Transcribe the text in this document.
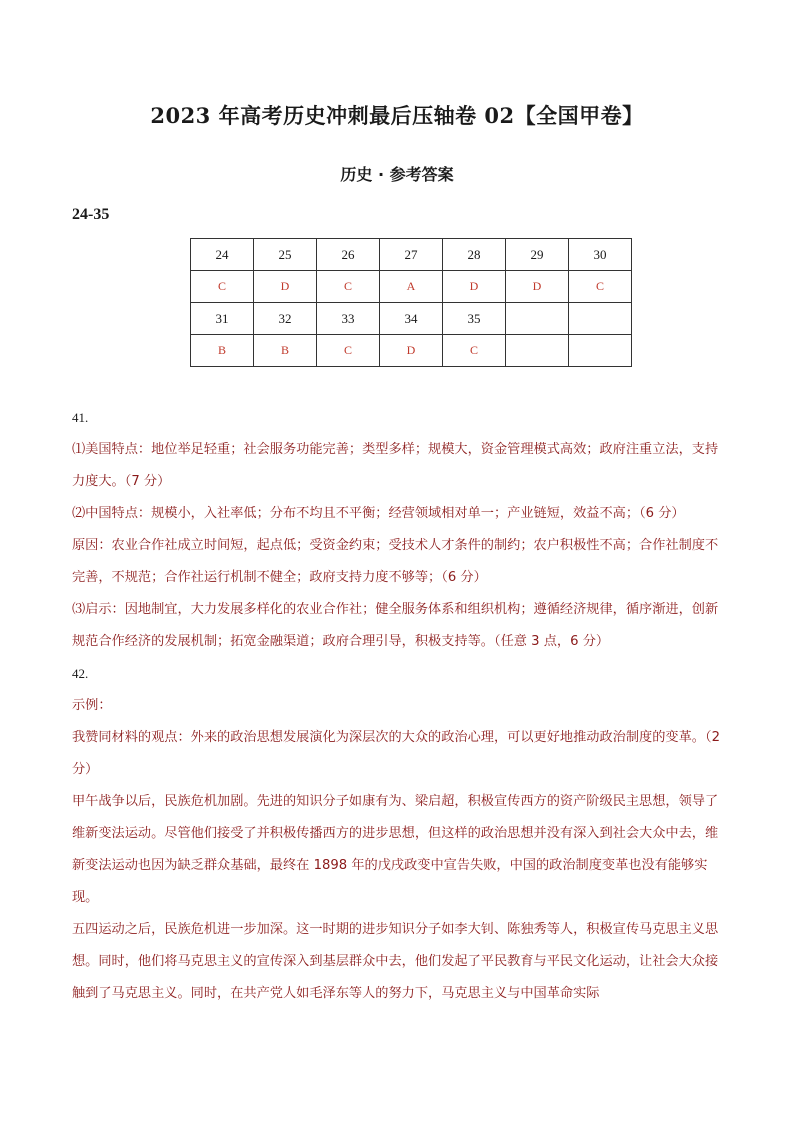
2023 年高考历史冲刺最后压轴卷 02【全国甲卷】
历史 · 参考答案
24-35
24	25	26	27	28	29	30
C	D	C	A	D	D	C
31	32	33	34	35		
B	B	C	D	C		

41.

⑴美国特点：地位举足轻重；社会服务功能完善；类型多样；规模大，资金管理模式高效；政府注重立法，支持力度大。（7 分）

⑵中国特点：规模小，入社率低；分布不均且不平衡；经营领域相对单一；产业链短，效益不高；（6 分）

原因：农业合作社成立时间短，起点低；受资金约束；受技术人才条件的制约；农户积极性不高；合作社制度不完善，不规范；合作社运行机制不健全；政府支持力度不够等；（6 分）

⑶启示：因地制宜，大力发展多样化的农业合作社；健全服务体系和组织机构；遵循经济规律，循序渐进，创新规范合作经济的发展机制；拓宽金融渠道；政府合理引导，积极支持等。（任意 3 点，6 分）

42.

示例：

我赞同材料的观点：外来的政治思想发展演化为深层次的大众的政治心理，可以更好地推动政治制度的变革。（2 分）

甲午战争以后，民族危机加剧。先进的知识分子如康有为、梁启超，积极宣传西方的资产阶级民主思想，领导了维新变法运动。尽管他们接受了并积极传播西方的进步思想，但这样的政治思想并没有深入到社会大众中去，维新变法运动也因为缺乏群众基础，最终在 1898 年的戊戌政变中宣告失败，中国的政治制度变革也没有能够实现。

五四运动之后，民族危机进一步加深。这一时期的进步知识分子如李大钊、陈独秀等人，积极宣传马克思主义思想。同时，他们将马克思主义的宣传深入到基层群众中去，他们发起了平民教育与平民文化运动，让社会大众接触到了马克思主义。同时，在共产党人如毛泽东等人的努力下，马克思主义与中国革命实际
